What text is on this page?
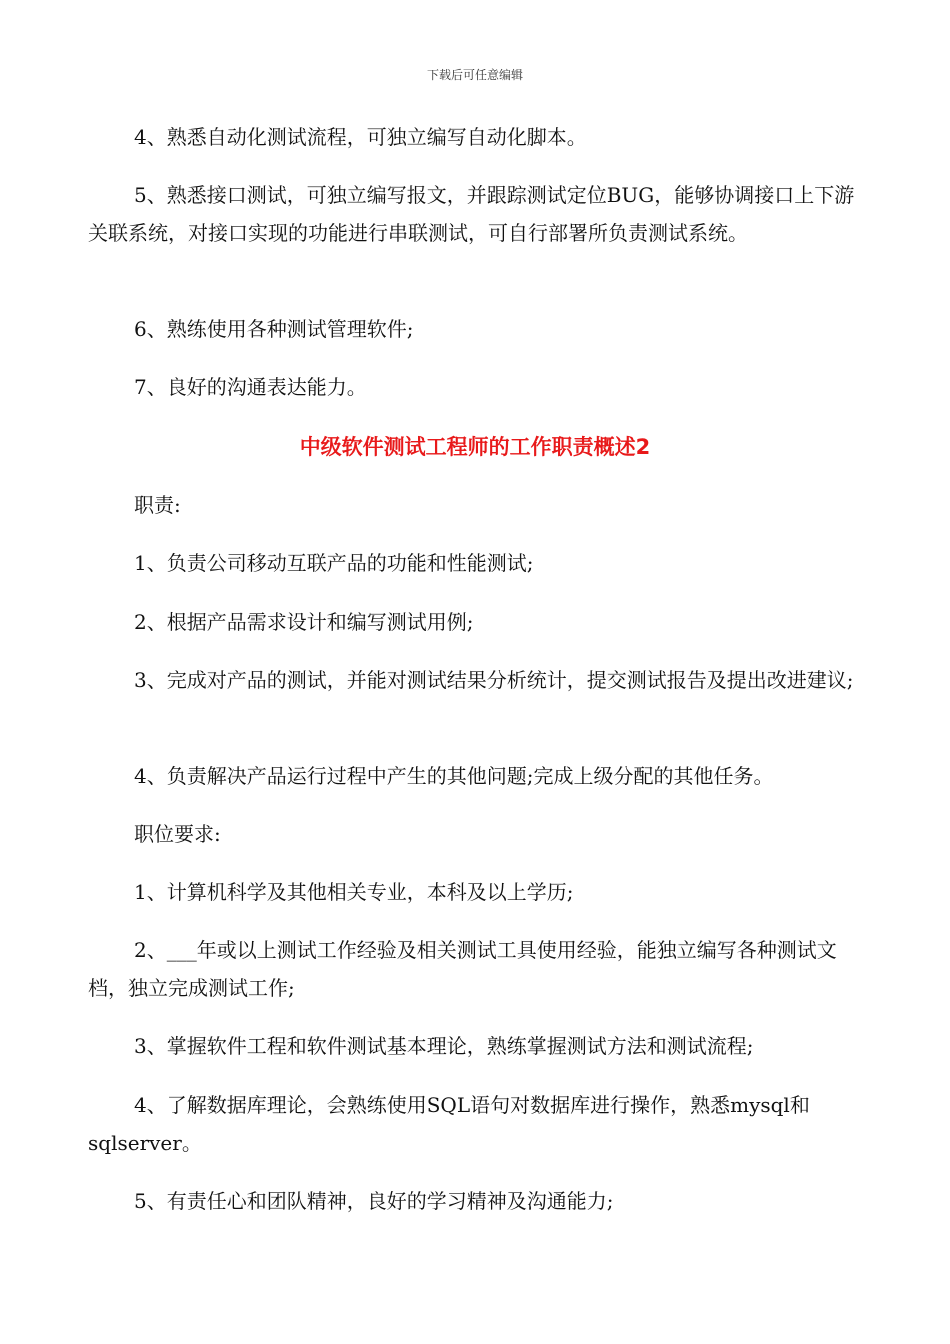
下载后可任意编辑
4、熟悉自动化测试流程，可独立编写自动化脚本。
5、熟悉接口测试，可独立编写报文，并跟踪测试定位BUG，能够协调接口上下游关联系统，对接口实现的功能进行串联测试，可自行部署所负责测试系统。
6、熟练使用各种测试管理软件;
7、良好的沟通表达能力。
中级软件测试工程师的工作职责概述2
职责:
1、负责公司移动互联产品的功能和性能测试;
2、根据产品需求设计和编写测试用例;
3、完成对产品的测试，并能对测试结果分析统计，提交测试报告及提出改进建议;
4、负责解决产品运行过程中产生的其他问题;完成上级分配的其他任务。
职位要求:
1、计算机科学及其他相关专业，本科及以上学历;
2、___年或以上测试工作经验及相关测试工具使用经验，能独立编写各种测试文档，独立完成测试工作;
3、掌握软件工程和软件测试基本理论，熟练掌握测试方法和测试流程;
4、了解数据库理论，会熟练使用SQL语句对数据库进行操作，熟悉mysql和sqlserver。
5、有责任心和团队精神，良好的学习精神及沟通能力;
